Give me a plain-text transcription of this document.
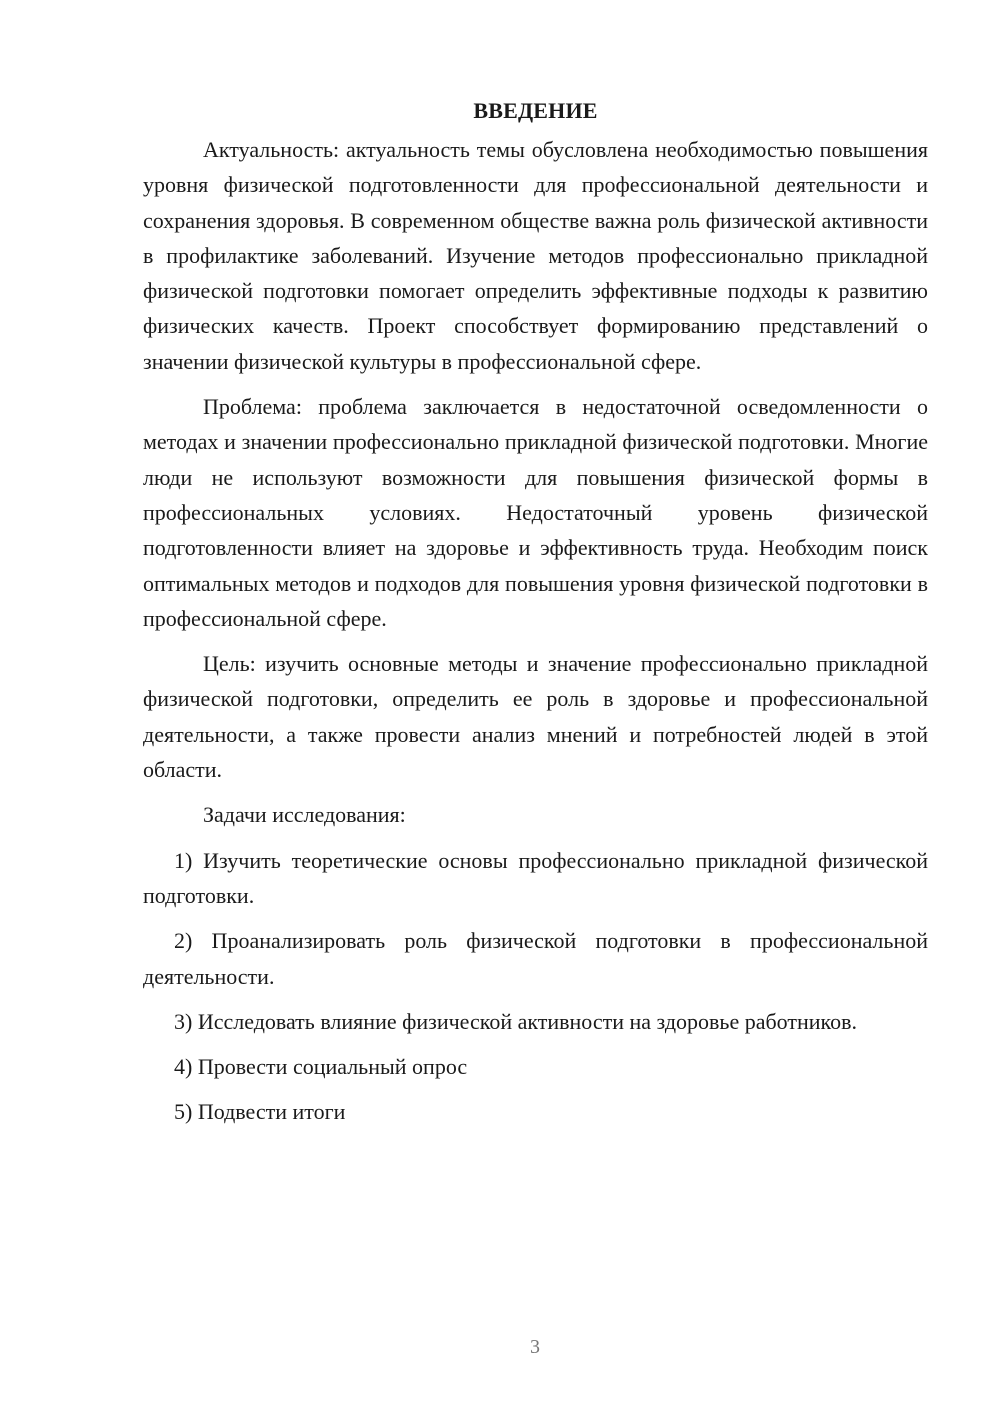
ВВЕДЕНИЕ

Актуальность: актуальность темы обусловлена необходимостью повышения уровня физической подготовленности для профессиональной деятельности и сохранения здоровья. В современном обществе важна роль физической активности в профилактике заболеваний. Изучение методов профессионально прикладной физической подготовки помогает определить эффективные подходы к развитию физических качеств. Проект способствует формированию представлений о значении физической культуры в профессиональной сфере.

Проблема: проблема заключается в недостаточной осведомленности о методах и значении профессионально прикладной физической подготовки. Многие люди не используют возможности для повышения физической формы в профессиональных условиях. Недостаточный уровень физической подготовленности влияет на здоровье и эффективность труда. Необходим поиск оптимальных методов и подходов для повышения уровня физической подготовки в профессиональной сфере.

Цель: изучить основные методы и значение профессионально прикладной физической подготовки, определить ее роль в здоровье и профессиональной деятельности, а также провести анализ мнений и потребностей людей в этой области.

Задачи исследования:

1) Изучить теоретические основы профессионально прикладной физической подготовки.

2) Проанализировать роль физической подготовки в профессиональной деятельности.

3) Исследовать влияние физической активности на здоровье работников.

4) Провести социальный опрос

5) Подвести итоги

3
